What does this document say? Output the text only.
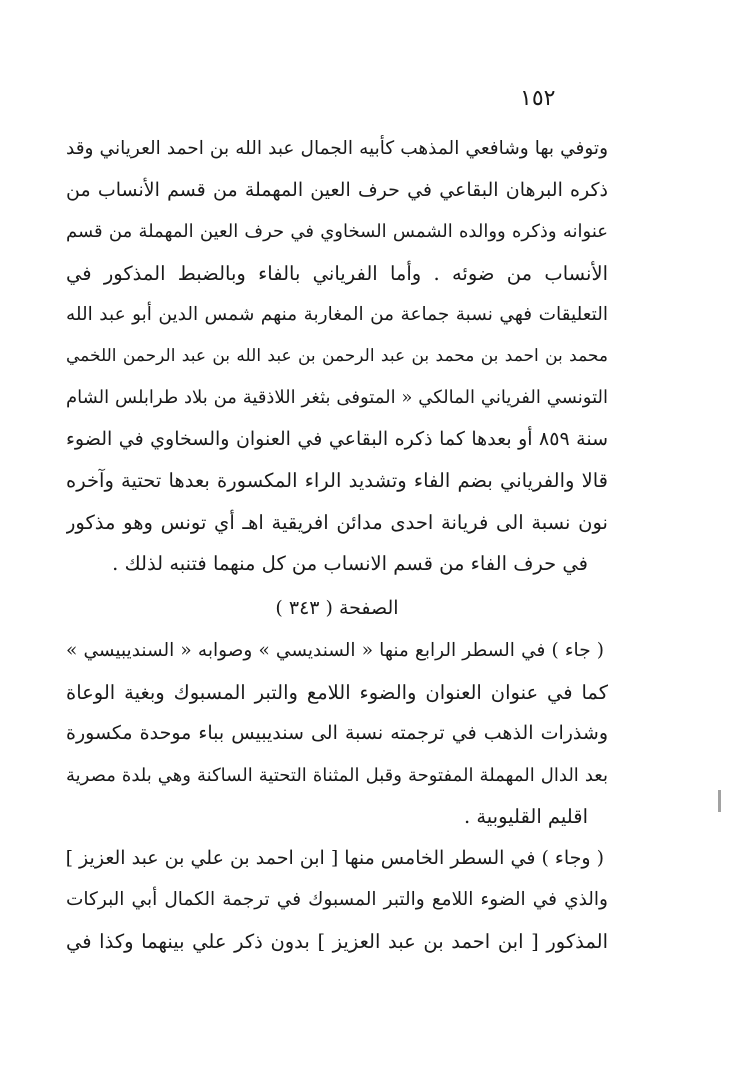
١٥٢
وتوفي بها وشافعي المذهب كأبيه الجمال عبد الله بن احمد العرياني وقد
ذكره البرهان البقاعي في حرف العين المهملة من قسم الأنساب من
عنوانه وذكره ووالده الشمس السخاوي في حرف العين المهملة من قسم
الأنساب من ضوئه . وأما الفرياني بالفاء وبالضبط المذكور في
التعليقات فهي نسبة جماعة من المغاربة منهم شمس الدين أبو عبد الله
محمد بن احمد بن محمد بن عبد الرحمن بن عبد الله بن عبد الرحمن اللخمي
التونسي الفرياني المالكي « المتوفى بثغر اللاذقية من بلاد طرابلس الشام
سنة ٨٥٩ أو بعدها كما ذكره البقاعي في العنوان والسخاوي في الضوء
قالا والفرياني بضم الفاء وتشديد الراء المكسورة بعدها تحتية وآخره
نون نسبة الى فريانة احدى مدائن افريقية اهـ أي تونس وهو مذكور
في حرف الفاء من قسم الانساب من كل منهما فتنبه لذلك .
الصفحة ( ٣٤٣ )
( جاء ) في السطر الرابع منها « السنديسي » وصوابه « السنديبيسي »
كما في عنوان العنوان والضوء اللامع والتبر المسبوك وبغية الوعاة
وشذرات الذهب في ترجمته نسبة الى سنديبيس بباء موحدة مكسورة
بعد الدال المهملة المفتوحة وقبل المثناة التحتية الساكنة وهي بلدة مصرية
اقليم القليوبية .
( وجاء ) في السطر الخامس منها [ ابن احمد بن علي بن عبد العزيز ]
والذي في الضوء اللامع والتبر المسبوك في ترجمة الكمال أبي البركات
المذكور [ ابن احمد بن عبد العزيز ] بدون ذكر علي بينهما وكذا في
